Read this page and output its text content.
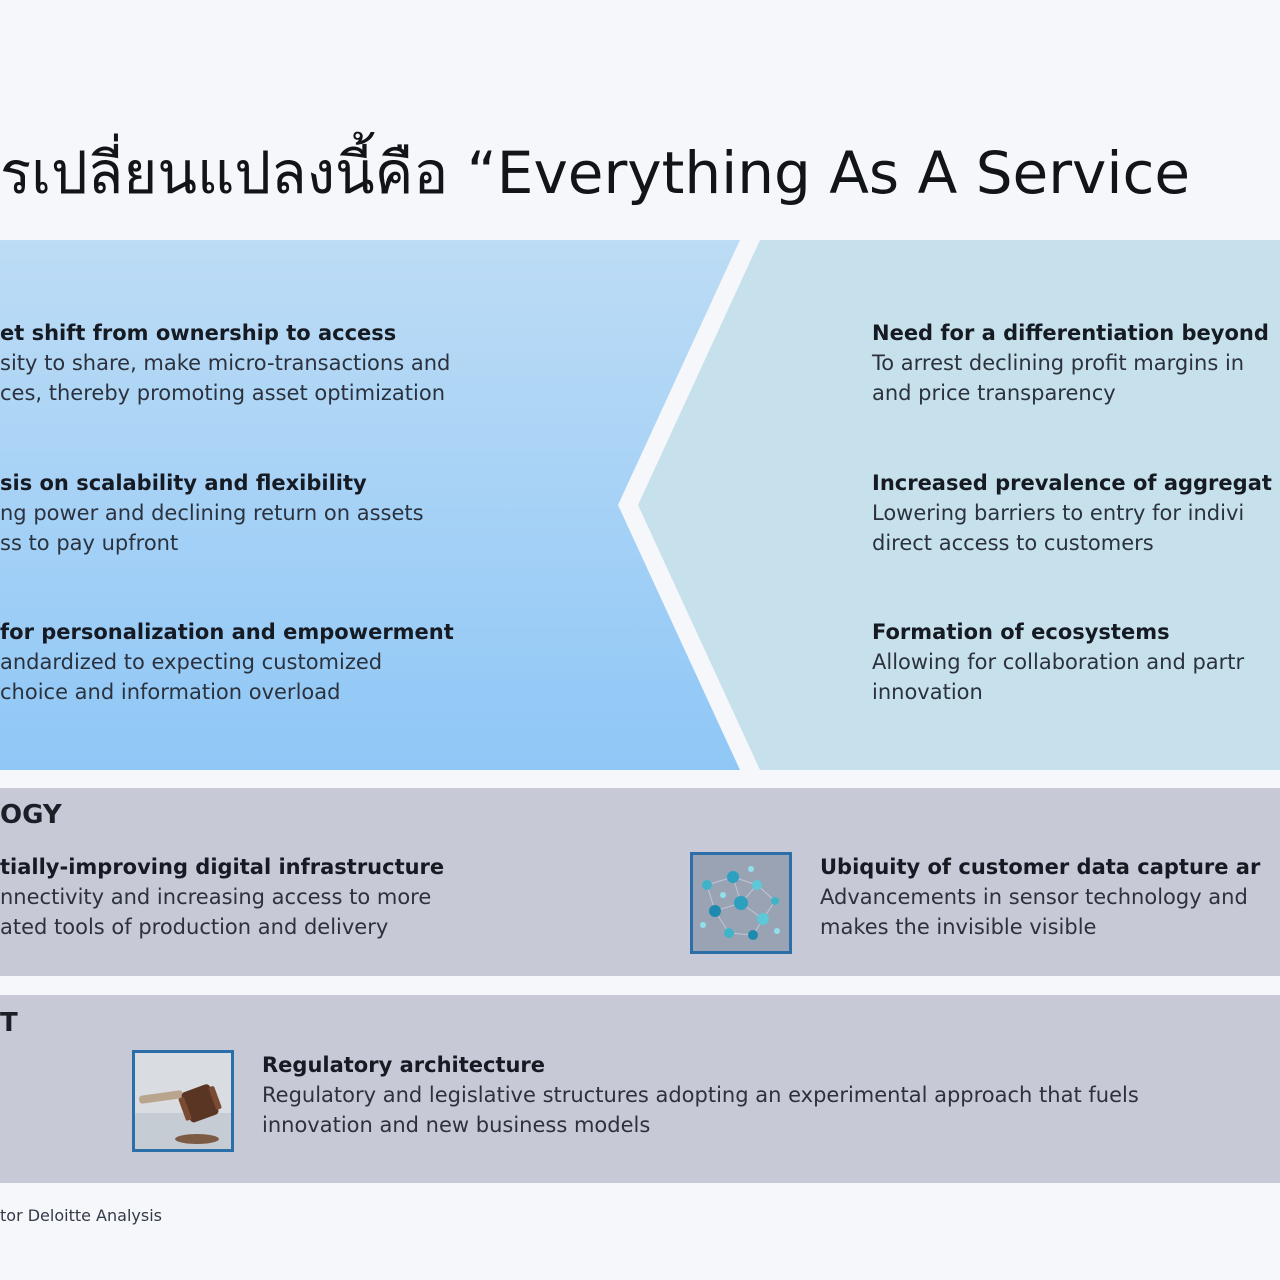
รเปลี่ยนแปลงนี้คือ “Everything As A Service
et shift from ownership to access
sity to share, make micro-transactions and
ces, thereby promoting asset optimization
sis on scalability and flexibility
ng power and declining return on assets
ss to pay upfront
for personalization and empowerment
andardized to expecting customized
choice and information overload
Need for a differentiation beyond
To arrest declining profit margins in
and price transparency
Increased prevalence of aggregat
Lowering barriers to entry for indivi
direct access to customers
Formation of ecosystems
Allowing for collaboration and partr
innovation
OGY
tially-improving digital infrastructure
nnectivity and increasing access to more
ated tools of production and delivery
Ubiquity of customer data capture ar
Advancements in sensor technology and
makes the invisible visible
T
Regulatory architecture
Regulatory and legislative structures adopting an experimental approach that fuels
innovation and new business models
tor Deloitte Analysis
